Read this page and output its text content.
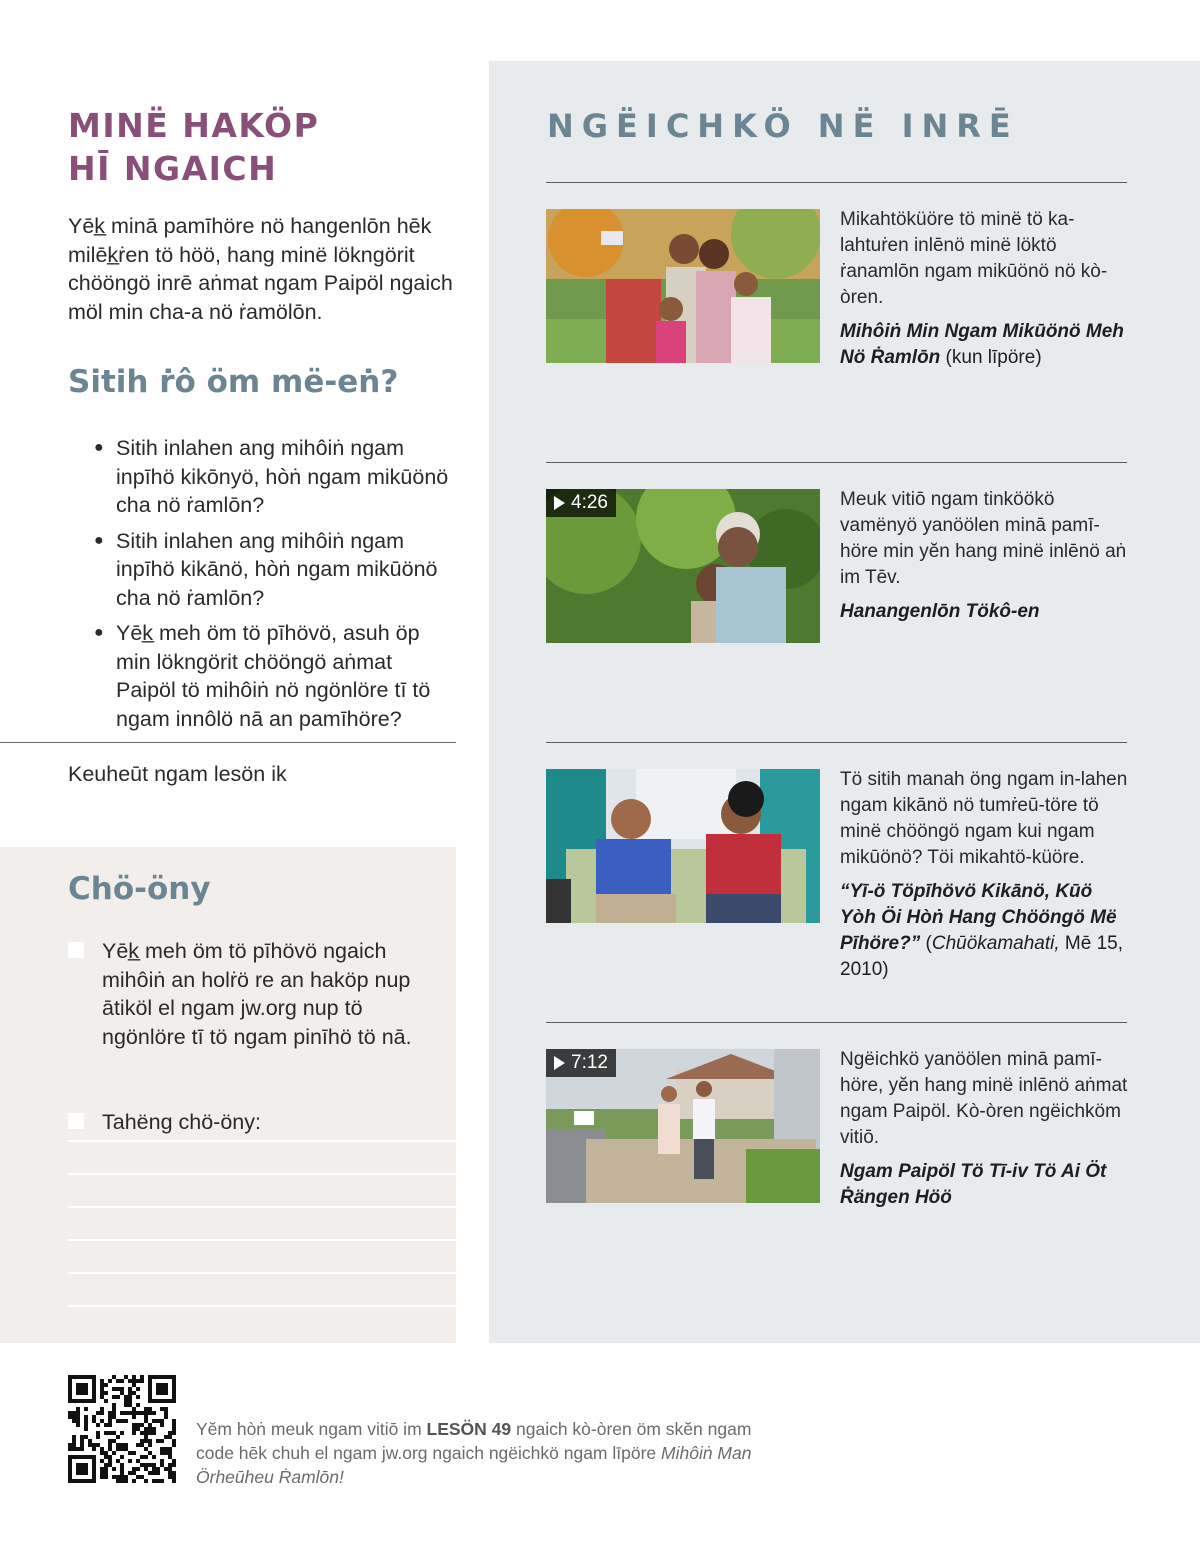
MINË HAKÖP
HĪ NGAICH

Yēk̲ minā pamīhöre nö hangenlōn hēk milēk̲ṙen tö höö, hang minë lökngörit chööngö inrē aṅmat ngam Paipöl ngaich möl min cha-a nö ṙamölōn.

Sitih ṙô öm më-eṅ?
● Sitih inlahen ang mihôiṅ ngam inpīhö kikōnyö, hòṅ ngam mikūönö cha nö ṙamlōn?
● Sitih inlahen ang mihôiṅ ngam inpīhö kikānö, hòṅ ngam mikūönö cha nö ṙamlōn?
● Yēk̲ meh öm tö pīhövö, asuh öp min lökngörit chööngö aṅmat Paipöl tö mihôiṅ nö ngönlöre tī tö ngam innôlö nā an pamīhöre?

Keuheūt ngam lesön ik

Chö-öny
Yēk̲ meh öm tö pīhövö ngaich mihôiṅ an holṙö re an haköp nup ātiköl el ngam jw.org nup tö ngönlöre tī tö ngam pinīhö tö nā.
Tahëng chö-öny:
NGËICHKÖ NË INRĒ

Mikahtöküöre tö minë tö ka-lahtuṙen inlēnö minë löktö ṙanamlōn ngam mikūönö nö kò-òren.

Mihôiṅ Min Ngam Mikūönö Meh Nö Ṙamlōn (kun līpöre)

4:26	Meuk vitiō ngam tinköökö vamënyö yanöölen minā pamī-höre min yĕn hang minë inlēnö aṅ im Tēv.

Hanangenlōn Tökô-en

Tö sitih manah öng ngam in-lahen ngam kikānö nö tumṙeū-töre tö minë chööngö ngam kui ngam mikūönö? Töi mikahtö-küöre.

“Yī-ö Töpīhövö Kikānö, Kūö Yòh Öi Hòṅ Hang Chööngö Më Pīhöre?” (Chūökamahati, Mē 15, 2010)

7:12	Ngëichkö yanöölen minā pamī-höre, yĕn hang minë inlēnö aṅmat ngam Paipöl. Kò-òren ngëichköm vitiō.

Ngam Paipöl Tö Tī-iv Tö Ai Öt Ṙängen Höö

Yĕm hòṅ meuk ngam vitiō im LESÖN 49 ngaich kò-òren öm skĕn ngam code hēk chuh el ngam jw.org ngaich ngëichkö ngam līpöre Mihôiṅ Man Örheūheu Ṙamlōn!
